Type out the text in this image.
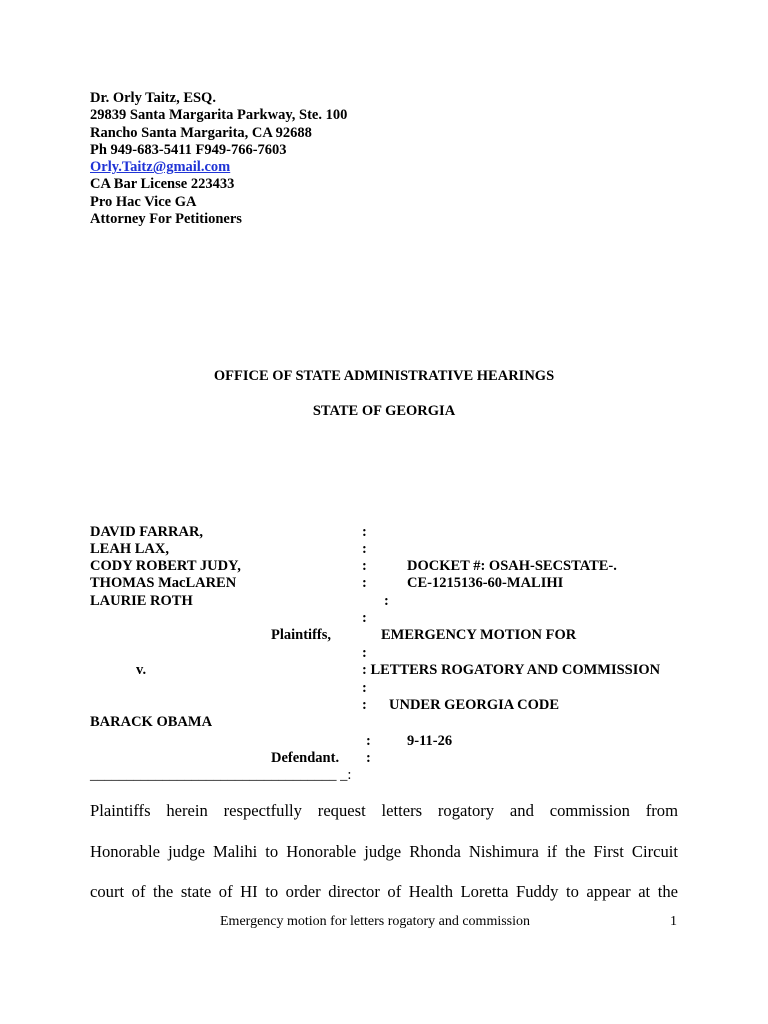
Dr. Orly Taitz, ESQ.
29839 Santa Margarita Parkway, Ste. 100
Rancho Santa Margarita, CA 92688
Ph 949-683-5411 F949-766-7603
Orly.Taitz@gmail.com
CA Bar License 223433
Pro Hac Vice GA
Attorney For Petitioners
OFFICE OF STATE ADMINISTRATIVE HEARINGS
STATE OF GEORGIA
DAVID FARRAR,
LEAH LAX,
CODY ROBERT JUDY,
THOMAS MacLAREN
LAURIE ROTH
:
:
:
:
:
:
:
:
:
:
:
DOCKET #: OSAH-SECSTATE-.
CE-1215136-60-MALIHI
EMERGENCY MOTION FOR
: LETTERS ROGATORY AND COMMISSION
UNDER GEORGIA CODE
9-11-26
Plaintiffs,
v.
BARACK OBAMA
Defendant.
__________________________________ _:
Plaintiffs herein respectfully request letters rogatory and commission from
Honorable judge Malihi to Honorable judge Rhonda Nishimura if the First Circuit
court of the state of HI to order director of Health Loretta Fuddy to appear at the
Emergency motion for letters rogatory and commission	1
